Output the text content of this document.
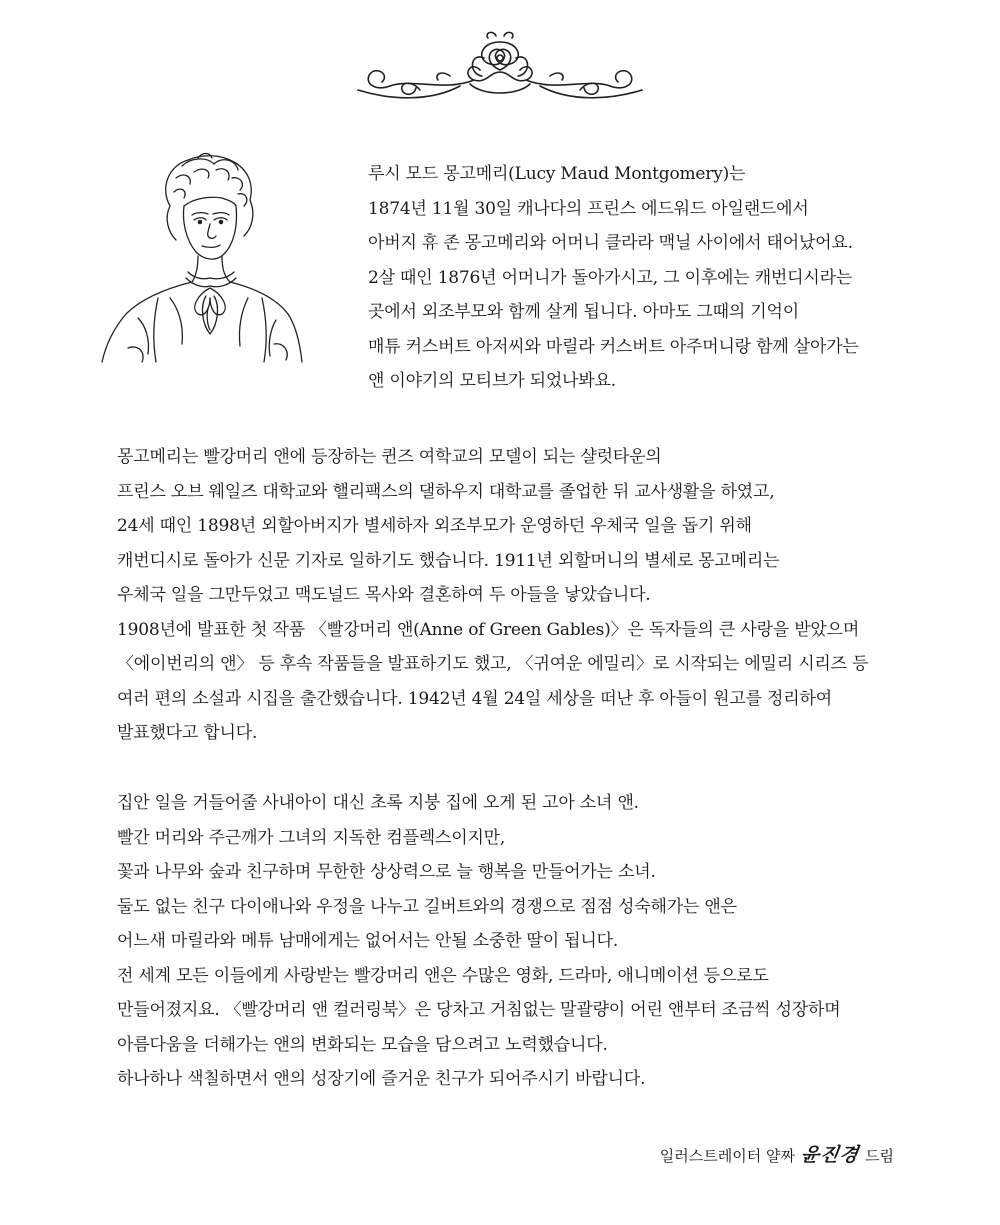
루시 모드 몽고메리(Lucy Maud Montgomery)는
1874년 11월 30일 캐나다의 프린스 에드워드 아일랜드에서
아버지 휴 존 몽고메리와 어머니 클라라 맥닐 사이에서 태어났어요.
2살 때인 1876년 어머니가 돌아가시고, 그 이후에는 캐번디시라는
곳에서 외조부모와 함께 살게 됩니다. 아마도 그때의 기억이
매튜 커스버트 아저씨와 마릴라 커스버트 아주머니랑 함께 살아가는
앤 이야기의 모티브가 되었나봐요.
몽고메리는 빨강머리 앤에 등장하는 퀸즈 여학교의 모델이 되는 샬럿타운의
프린스 오브 웨일즈 대학교와 핼리팩스의 댈하우지 대학교를 졸업한 뒤 교사생활을 하였고,
24세 때인 1898년 외할아버지가 별세하자 외조부모가 운영하던 우체국 일을 돕기 위해
캐번디시로 돌아가 신문 기자로 일하기도 했습니다. 1911년 외할머니의 별세로 몽고메리는
우체국 일을 그만두었고 맥도널드 목사와 결혼하여 두 아들을 낳았습니다.
1908년에 발표한 첫 작품 〈빨강머리 앤(Anne of Green Gables)〉은 독자들의 큰 사랑을 받았으며
〈에이번리의 앤〉 등 후속 작품들을 발표하기도 했고, 〈귀여운 에밀리〉로 시작되는 에밀리 시리즈 등
여러 편의 소설과 시집을 출간했습니다. 1942년 4월 24일 세상을 떠난 후 아들이 원고를 정리하여
발표했다고 합니다.
집안 일을 거들어줄 사내아이 대신 초록 지붕 집에 오게 된 고아 소녀 앤.
빨간 머리와 주근깨가 그녀의 지독한 컴플렉스이지만,
꽃과 나무와 숲과 친구하며 무한한 상상력으로 늘 행복을 만들어가는 소녀.
둘도 없는 친구 다이애나와 우정을 나누고 길버트와의 경쟁으로 점점 성숙해가는 앤은
어느새 마릴라와 메튜 남매에게는 없어서는 안될 소중한 딸이 됩니다.
전 세계 모든 이들에게 사랑받는 빨강머리 앤은 수많은 영화, 드라마, 애니메이션 등으로도
만들어졌지요. 〈빨강머리 앤 컬러링북〉은 당차고 거침없는 말괄량이 어린 앤부터 조금씩 성장하며
아름다움을 더해가는 앤의 변화되는 모습을 담으려고 노력했습니다.
하나하나 색칠하면서 앤의 성장기에 즐거운 친구가 되어주시기 바랍니다.
일러스트레이터 얄짜 윤진경 드림
